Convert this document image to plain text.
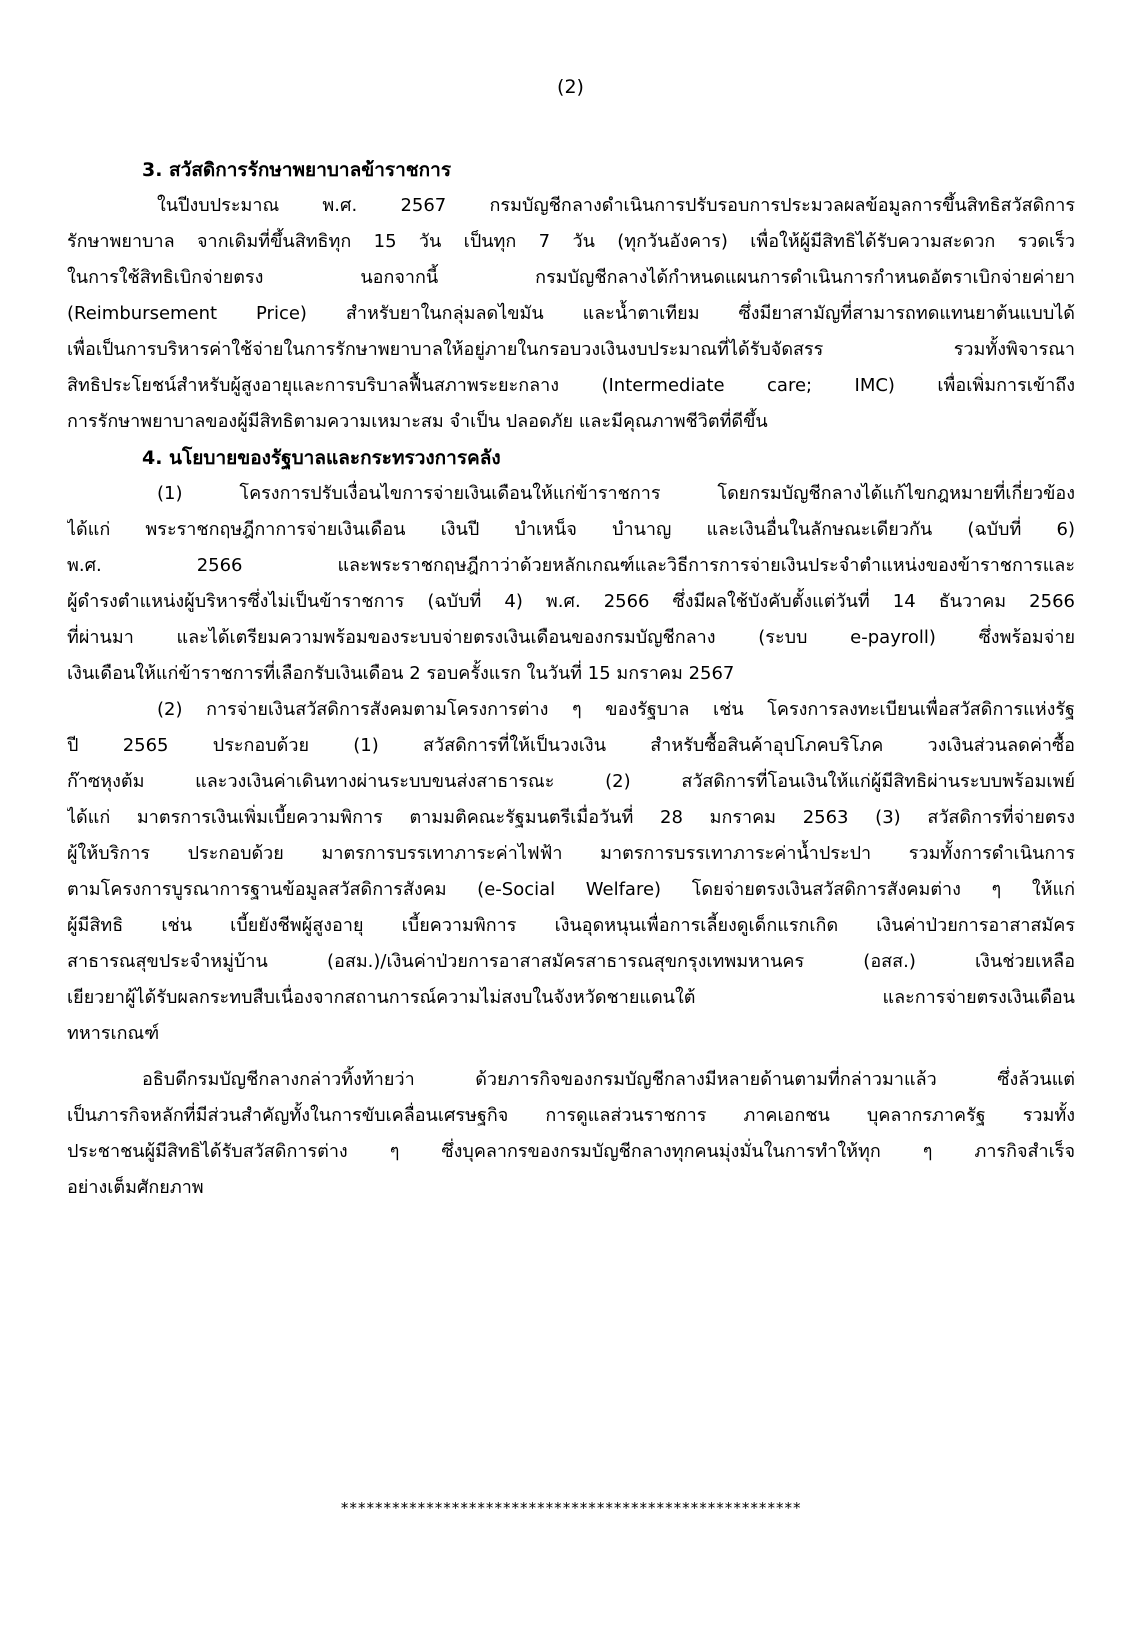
(2)
3. สวัสดิการรักษาพยาบาลข้าราชการ
ในปีงบประมาณ พ.ศ. 2567 กรมบัญชีกลางดำเนินการปรับรอบการประมวลผลข้อมูลการขึ้นสิทธิสวัสดิการ
รักษาพยาบาล จากเดิมที่ขึ้นสิทธิทุก 15 วัน เป็นทุก 7 วัน (ทุกวันอังคาร) เพื่อให้ผู้มีสิทธิได้รับความสะดวก รวดเร็ว
ในการใช้สิทธิเบิกจ่ายตรง นอกจากนี้ กรมบัญชีกลางได้กำหนดแผนการดำเนินการกำหนดอัตราเบิกจ่ายค่ายา
(Reimbursement Price) สำหรับยาในกลุ่มลดไขมัน และน้ำตาเทียม ซึ่งมียาสามัญที่สามารถทดแทนยาต้นแบบได้
เพื่อเป็นการบริหารค่าใช้จ่ายในการรักษาพยาบาลให้อยู่ภายในกรอบวงเงินงบประมาณที่ได้รับจัดสรร รวมทั้งพิจารณา
สิทธิประโยชน์สำหรับผู้สูงอายุและการบริบาลฟื้นสภาพระยะกลาง (Intermediate care; IMC) เพื่อเพิ่มการเข้าถึง
การรักษาพยาบาลของผู้มีสิทธิตามความเหมาะสม จำเป็น ปลอดภัย และมีคุณภาพชีวิตที่ดีขึ้น
4. นโยบายของรัฐบาลและกระทรวงการคลัง
(1) โครงการปรับเงื่อนไขการจ่ายเงินเดือนให้แก่ข้าราชการ โดยกรมบัญชีกลางได้แก้ไขกฎหมายที่เกี่ยวข้อง
ได้แก่ พระราชกฤษฎีกาการจ่ายเงินเดือน เงินปี บำเหน็จ บำนาญ และเงินอื่นในลักษณะเดียวกัน (ฉบับที่ 6)
พ.ศ. 2566 และพระราชกฤษฎีกาว่าด้วยหลักเกณฑ์และวิธีการการจ่ายเงินประจำตำแหน่งของข้าราชการและ
ผู้ดำรงตำแหน่งผู้บริหารซึ่งไม่เป็นข้าราชการ (ฉบับที่ 4) พ.ศ. 2566 ซึ่งมีผลใช้บังคับตั้งแต่วันที่ 14 ธันวาคม 2566
ที่ผ่านมา และได้เตรียมความพร้อมของระบบจ่ายตรงเงินเดือนของกรมบัญชีกลาง (ระบบ e-payroll) ซึ่งพร้อมจ่าย
เงินเดือนให้แก่ข้าราชการที่เลือกรับเงินเดือน 2 รอบครั้งแรก ในวันที่ 15 มกราคม 2567
(2) การจ่ายเงินสวัสดิการสังคมตามโครงการต่าง ๆ ของรัฐบาล เช่น โครงการลงทะเบียนเพื่อสวัสดิการแห่งรัฐ
ปี 2565 ประกอบด้วย (1) สวัสดิการที่ให้เป็นวงเงิน สำหรับซื้อสินค้าอุปโภคบริโภค วงเงินส่วนลดค่าซื้อ
ก๊าซหุงต้ม และวงเงินค่าเดินทางผ่านระบบขนส่งสาธารณะ (2) สวัสดิการที่โอนเงินให้แก่ผู้มีสิทธิผ่านระบบพร้อมเพย์
ได้แก่ มาตรการเงินเพิ่มเบี้ยความพิการ ตามมติคณะรัฐมนตรีเมื่อวันที่ 28 มกราคม 2563 (3) สวัสดิการที่จ่ายตรง
ผู้ให้บริการ ประกอบด้วย มาตรการบรรเทาภาระค่าไฟฟ้า มาตรการบรรเทาภาระค่าน้ำประปา รวมทั้งการดำเนินการ
ตามโครงการบูรณาการฐานข้อมูลสวัสดิการสังคม (e-Social Welfare) โดยจ่ายตรงเงินสวัสดิการสังคมต่าง ๆ ให้แก่
ผู้มีสิทธิ เช่น เบี้ยยังชีพผู้สูงอายุ เบี้ยความพิการ เงินอุดหนุนเพื่อการเลี้ยงดูเด็กแรกเกิด เงินค่าป่วยการอาสาสมัคร
สาธารณสุขประจำหมู่บ้าน (อสม.)/เงินค่าป่วยการอาสาสมัครสาธารณสุขกรุงเทพมหานคร (อสส.) เงินช่วยเหลือ
เยียวยาผู้ได้รับผลกระทบสืบเนื่องจากสถานการณ์ความไม่สงบในจังหวัดชายแดนใต้ และการจ่ายตรงเงินเดือน
ทหารเกณฑ์
อธิบดีกรมบัญชีกลางกล่าวทิ้งท้ายว่า ด้วยภารกิจของกรมบัญชีกลางมีหลายด้านตามที่กล่าวมาแล้ว ซึ่งล้วนแต่
เป็นภารกิจหลักที่มีส่วนสำคัญทั้งในการขับเคลื่อนเศรษฐกิจ การดูแลส่วนราชการ ภาคเอกชน บุคลากรภาครัฐ รวมทั้ง
ประชาชนผู้มีสิทธิได้รับสวัสดิการต่าง ๆ ซึ่งบุคลากรของกรมบัญชีกลางทุกคนมุ่งมั่นในการทำให้ทุก ๆ ภารกิจสำเร็จ
อย่างเต็มศักยภาพ
******************************************************
